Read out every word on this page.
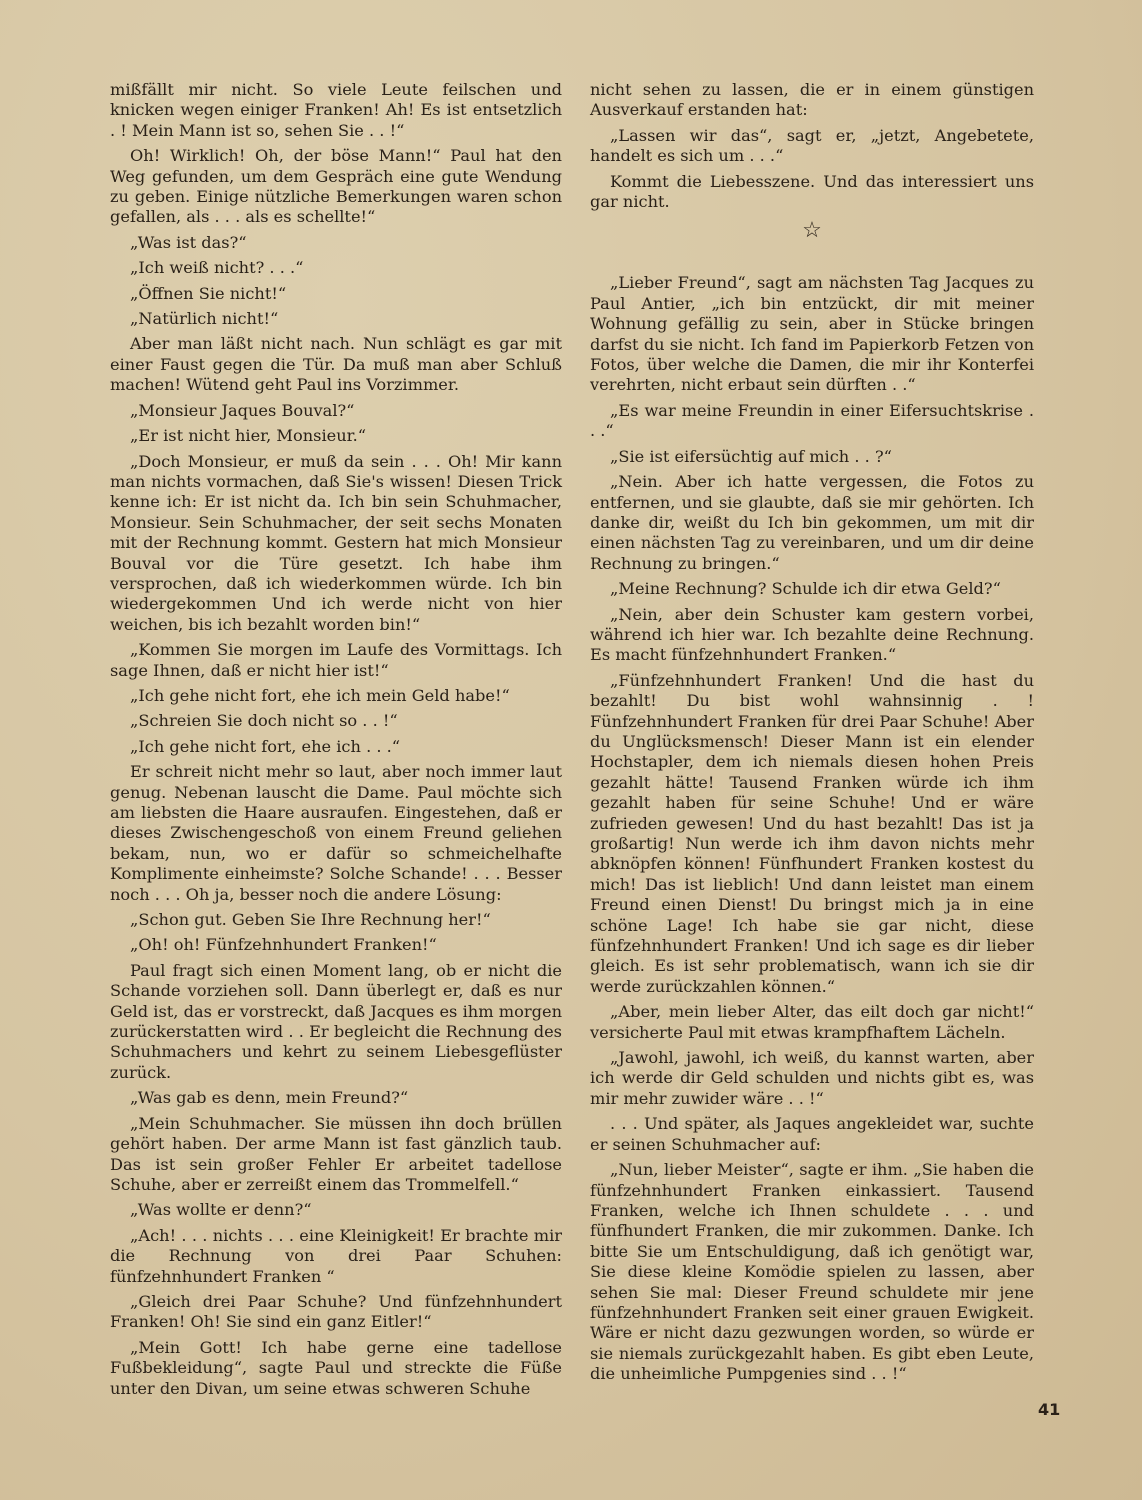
mißfällt mir nicht. So viele Leute feilschen und knicken wegen einiger Franken! Ah! Es ist entsetzlich . ! Mein Mann ist so, sehen Sie . . !“

Oh! Wirklich! Oh, der böse Mann!“ Paul hat den Weg gefunden, um dem Gespräch eine gute Wendung zu geben. Einige nützliche Bemerkungen waren schon gefallen, als . . . als es schellte!“

„Was ist das?“

„Ich weiß nicht? . . .“

„Öffnen Sie nicht!“

„Natürlich nicht!“

Aber man läßt nicht nach. Nun schlägt es gar mit einer Faust gegen die Tür. Da muß man aber Schluß machen! Wütend geht Paul ins Vorzimmer.

„Monsieur Jaques Bouval?“

„Er ist nicht hier, Monsieur.“

„Doch Monsieur, er muß da sein . . . Oh! Mir kann man nichts vormachen, daß Sie's wissen! Diesen Trick kenne ich: Er ist nicht da. Ich bin sein Schuhmacher, Monsieur. Sein Schuhmacher, der seit sechs Monaten mit der Rechnung kommt. Gestern hat mich Monsieur Bouval vor die Türe gesetzt. Ich habe ihm versprochen, daß ich wiederkommen würde. Ich bin wiedergekommen Und ich werde nicht von hier weichen, bis ich bezahlt worden bin!“

„Kommen Sie morgen im Laufe des Vormittags. Ich sage Ihnen, daß er nicht hier ist!“

„Ich gehe nicht fort, ehe ich mein Geld habe!“

„Schreien Sie doch nicht so . . !“

„Ich gehe nicht fort, ehe ich . . .“

Er schreit nicht mehr so laut, aber noch immer laut genug. Nebenan lauscht die Dame. Paul möchte sich am liebsten die Haare ausraufen. Eingestehen, daß er dieses Zwischengeschoß von einem Freund geliehen bekam, nun, wo er dafür so schmeichelhafte Komplimente einheimste? Solche Schande! . . . Besser noch . . . Oh ja, besser noch die andere Lösung:

„Schon gut. Geben Sie Ihre Rechnung her!“

„Oh! oh! Fünfzehnhundert Franken!“

Paul fragt sich einen Moment lang, ob er nicht die Schande vorziehen soll. Dann überlegt er, daß es nur Geld ist, das er vorstreckt, daß Jacques es ihm morgen zurückerstatten wird . . Er begleicht die Rechnung des Schuhmachers und kehrt zu seinem Liebesgeflüster zurück.

„Was gab es denn, mein Freund?“

„Mein Schuhmacher. Sie müssen ihn doch brüllen gehört haben. Der arme Mann ist fast gänzlich taub. Das ist sein großer Fehler Er arbeitet tadellose Schuhe, aber er zerreißt einem das Trommelfell.“

„Was wollte er denn?“

„Ach! . . . nichts . . . eine Kleinigkeit! Er brachte mir die Rechnung von drei Paar Schuhen: fünfzehnhundert Franken “

„Gleich drei Paar Schuhe? Und fünfzehnhundert Franken! Oh! Sie sind ein ganz Eitler!“

„Mein Gott! Ich habe gerne eine tadellose Fußbekleidung“, sagte Paul und streckte die Füße unter den Divan, um seine etwas schweren Schuhe

nicht sehen zu lassen, die er in einem günstigen Ausverkauf erstanden hat:

„Lassen wir das“, sagt er, „jetzt, Angebetete, handelt es sich um . . .“

Kommt die Liebesszene. Und das interessiert uns gar nicht.

☆

„Lieber Freund“, sagt am nächsten Tag Jacques zu Paul Antier, „ich bin entzückt, dir mit meiner Wohnung gefällig zu sein, aber in Stücke bringen darfst du sie nicht. Ich fand im Papierkorb Fetzen von Fotos, über welche die Damen, die mir ihr Konterfei verehrten, nicht erbaut sein dürften . .“

„Es war meine Freundin in einer Eifersuchtskrise . . .“

„Sie ist eifersüchtig auf mich . . ?“

„Nein. Aber ich hatte vergessen, die Fotos zu entfernen, und sie glaubte, daß sie mir gehörten. Ich danke dir, weißt du Ich bin gekommen, um mit dir einen nächsten Tag zu vereinbaren, und um dir deine Rechnung zu bringen.“

„Meine Rechnung? Schulde ich dir etwa Geld?“

„Nein, aber dein Schuster kam gestern vorbei, während ich hier war. Ich bezahlte deine Rechnung. Es macht fünfzehnhundert Franken.“

„Fünfzehnhundert Franken! Und die hast du bezahlt! Du bist wohl wahnsinnig . ! Fünfzehnhundert Franken für drei Paar Schuhe! Aber du Unglücksmensch! Dieser Mann ist ein elender Hochstapler, dem ich niemals diesen hohen Preis gezahlt hätte! Tausend Franken würde ich ihm gezahlt haben für seine Schuhe! Und er wäre zufrieden gewesen! Und du hast bezahlt! Das ist ja großartig! Nun werde ich ihm davon nichts mehr abknöpfen können! Fünfhundert Franken kostest du mich! Das ist lieblich! Und dann leistet man einem Freund einen Dienst! Du bringst mich ja in eine schöne Lage! Ich habe sie gar nicht, diese fünfzehnhundert Franken! Und ich sage es dir lieber gleich. Es ist sehr problematisch, wann ich sie dir werde zurückzahlen können.“

„Aber, mein lieber Alter, das eilt doch gar nicht!“ versicherte Paul mit etwas krampfhaftem Lächeln.

„Jawohl, jawohl, ich weiß, du kannst warten, aber ich werde dir Geld schulden und nichts gibt es, was mir mehr zuwider wäre . . !“

. . . Und später, als Jaques angekleidet war, suchte er seinen Schuhmacher auf:

„Nun, lieber Meister“, sagte er ihm. „Sie haben die fünfzehnhundert Franken einkassiert. Tausend Franken, welche ich Ihnen schuldete . . . und fünfhundert Franken, die mir zukommen. Danke. Ich bitte Sie um Entschuldigung, daß ich genötigt war, Sie diese kleine Komödie spielen zu lassen, aber sehen Sie mal: Dieser Freund schuldete mir jene fünfzehnhundert Franken seit einer grauen Ewigkeit. Wäre er nicht dazu gezwungen worden, so würde er sie niemals zurückgezahlt haben. Es gibt eben Leute, die unheimliche Pumpgenies sind . . !“

41
